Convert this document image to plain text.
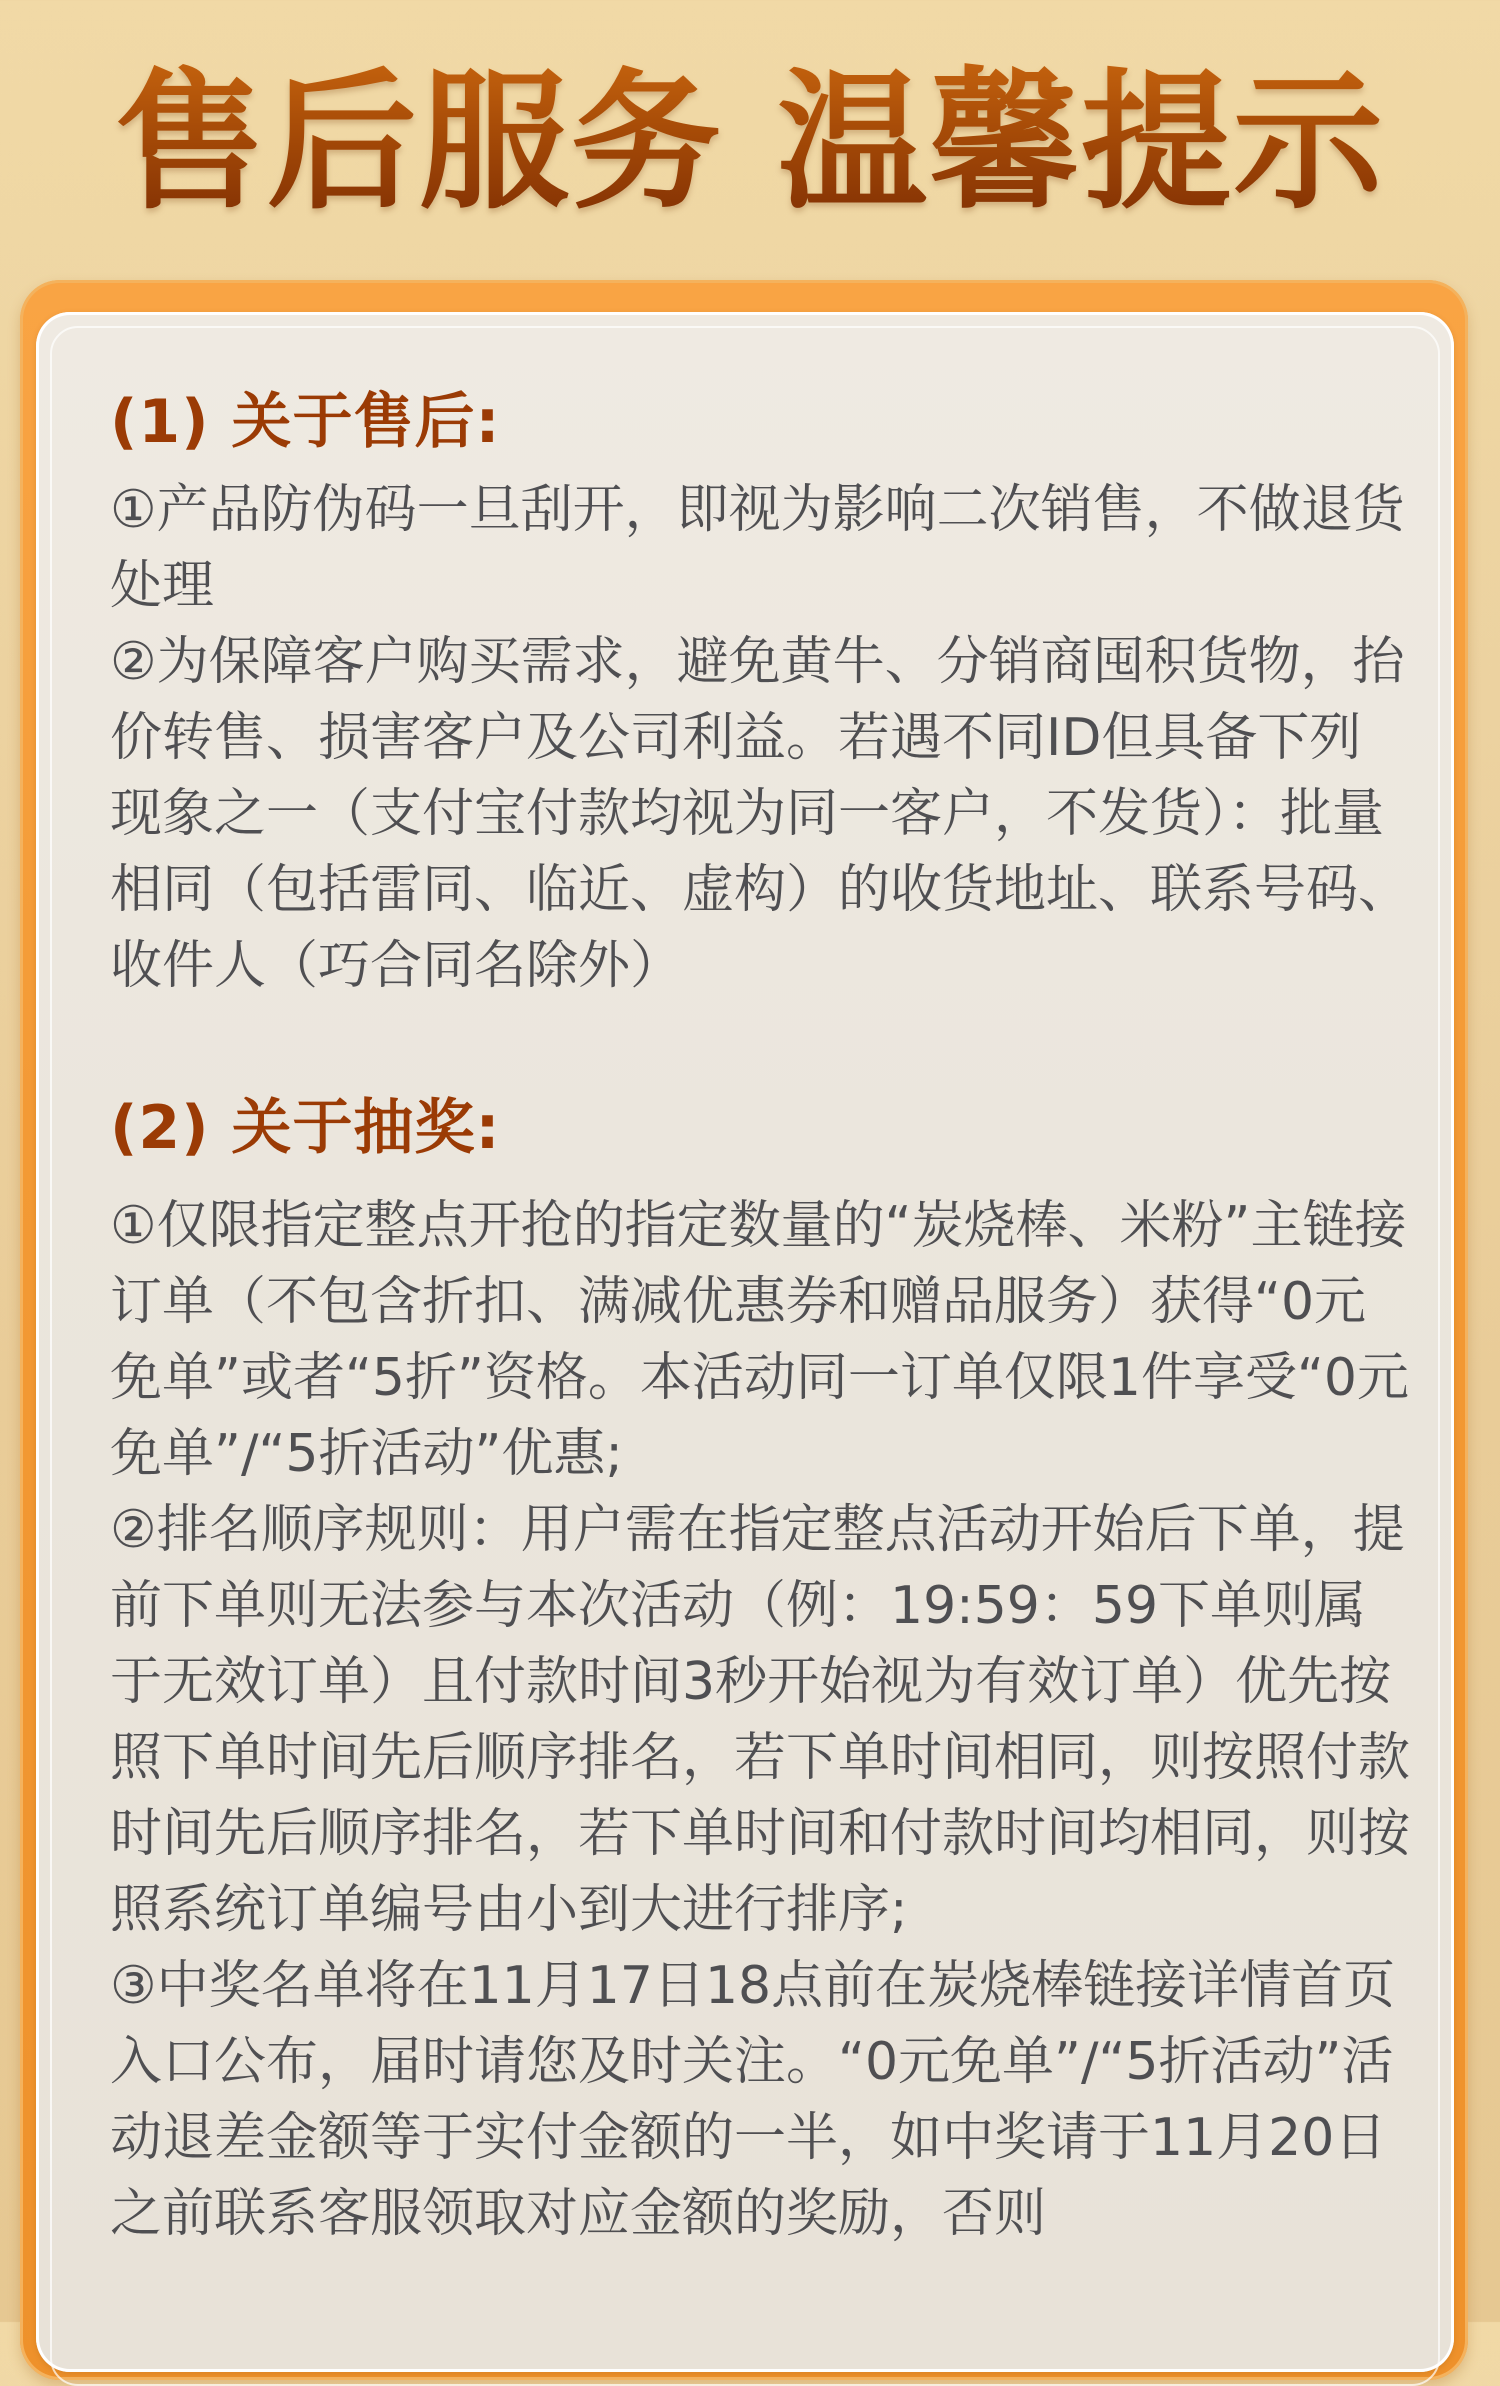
售后服务 温馨提示
(1) 关于售后:

①产品防伪码一旦刮开，即视为影响二次销售，不做退货处理

②为保障客户购买需求，避免黄牛、分销商囤积货物，抬价转售、损害客户及公司利益。若遇不同ID但具备下列现象之一（支付宝付款均视为同一客户，不发货）：批量相同（包括雷同、临近、虚构）的收货地址、联系号码、收件人（巧合同名除外）

(2) 关于抽奖:

①仅限指定整点开抢的指定数量的“炭烧棒、米粉”主链接订单（不包含折扣、满减优惠券和赠品服务）获得“0元免单”或者“5折”资格。本活动同一订单仅限1件享受“0元免单”/“5折活动”优惠;

②排名顺序规则：用户需在指定整点活动开始后下单，提前下单则无法参与本次活动（例：19:59：59下单则属于无效订单）且付款时间3秒开始视为有效订单）优先按照下单时间先后顺序排名，若下单时间相同，则按照付款时间先后顺序排名，若下单时间和付款时间均相同，则按照系统订单编号由小到大进行排序;

③中奖名单将在11月17日18点前在炭烧棒链接详情首页入口公布，届时请您及时关注。“0元免单”/“5折活动”活动退差金额等于实付金额的一半，如中奖请于11月20日之前联系客服领取对应金额的奖励，否则
